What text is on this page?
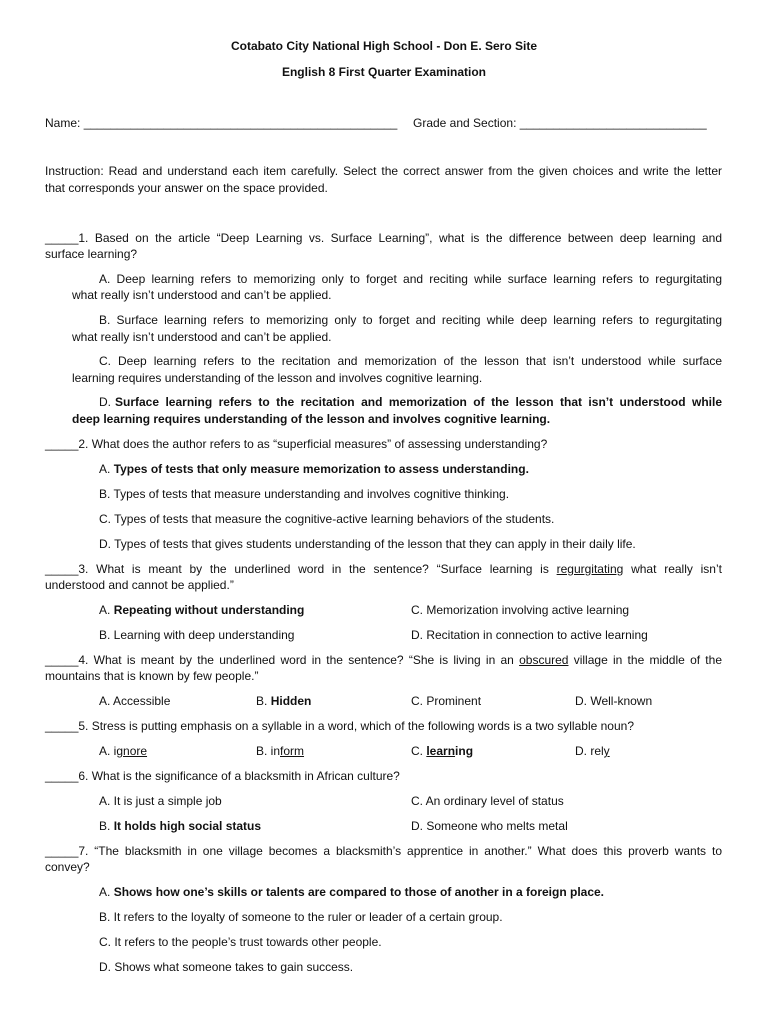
Cotabato City National High School - Don E. Sero Site
English 8 First Quarter Examination
Name: _______________________________________________ Grade and Section: ____________________________
Instruction: Read and understand each item carefully. Select the correct answer from the given choices and write the letter
that corresponds your answer on the space provided.
_____1. Based on the article “Deep Learning vs. Surface Learning”, what is the difference between deep learning and
surface learning?
A. Deep learning refers to memorizing only to forget and reciting while surface learning refers to regurgitating
what really isn’t understood and can’t be applied.
B. Surface learning refers to memorizing only to forget and reciting while deep learning refers to regurgitating
what really isn’t understood and can’t be applied.
C. Deep learning refers to the recitation and memorization of the lesson that isn’t understood while surface
learning requires understanding of the lesson and involves cognitive learning.
D. Surface learning refers to the recitation and memorization of the lesson that isn’t understood while
deep learning requires understanding of the lesson and involves cognitive learning.
_____2. What does the author refers to as “superficial measures” of assessing understanding?
A. Types of tests that only measure memorization to assess understanding.
B. Types of tests that measure understanding and involves cognitive thinking.
C. Types of tests that measure the cognitive-active learning behaviors of the students.
D. Types of tests that gives students understanding of the lesson that they can apply in their daily life.
_____3. What is meant by the underlined word in the sentence? “Surface learning is regurgitating what really isn’t
understood and cannot be applied.”
A. Repeating without understanding	C. Memorization involving active learning
B. Learning with deep understanding	D. Recitation in connection to active learning
_____4. What is meant by the underlined word in the sentence? “She is living in an obscured village in the middle of the
mountains that is known by few people.”
A. Accessible	B. Hidden	C. Prominent	D. Well-known
_____5. Stress is putting emphasis on a syllable in a word, which of the following words is a two syllable noun?
A. ignore	B. inform	C. learning	D. rely
_____6. What is the significance of a blacksmith in African culture?
A. It is just a simple job	C. An ordinary level of status
B. It holds high social status	D. Someone who melts metal
_____7. “The blacksmith in one village becomes a blacksmith’s apprentice in another.” What does this proverb wants to
convey?
A. Shows how one’s skills or talents are compared to those of another in a foreign place.
B. It refers to the loyalty of someone to the ruler or leader of a certain group.
C. It refers to the people’s trust towards other people.
D. Shows what someone takes to gain success.
